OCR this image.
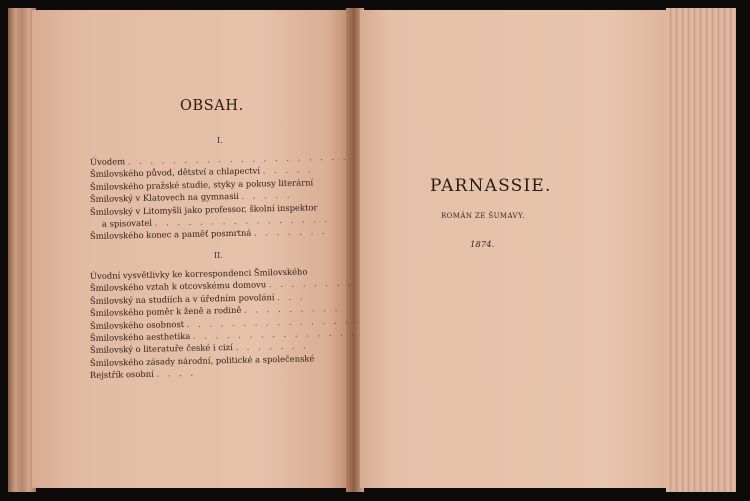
OBSAH.
I.
Úvodem . . . . . . . . . . . . . . . . . . . .
Šmilovského původ, dětství a chlapectví . . . . .
Šmilovského pražské studie, styky a pokusy literární
Šmilovský v Klatovech na gymnasii . . . . .
Šmilovský v Litomyšli jako professor, školní inspektor
a spisovatel . . . . . . . . . . . . . . . .
Šmilovského konec a paměť posmrtná . . . . . . .
II.
Úvodní vysvětlivky ke korrespondenci Šmilovského
Šmilovského vztah k otcovskému domovu . . . . . . . .
Šmilovský na studiích a v úředním povolání . . .
Šmilovského poměr k ženě a rodině . . . . . . . . .
Šmilovského osobnost . . . . . . . . . . . . . . . .
Šmilovského aesthetika . . . . . . . . . . . . . . .
Šmilovský o literatuře české i cizí . . . . . . .
Šmilovského zásady národní, politické a společenské
Rejstřík osobní . . . .
PARNASSIE.
ROMÁN ZE ŠUMAVY.
1874.
